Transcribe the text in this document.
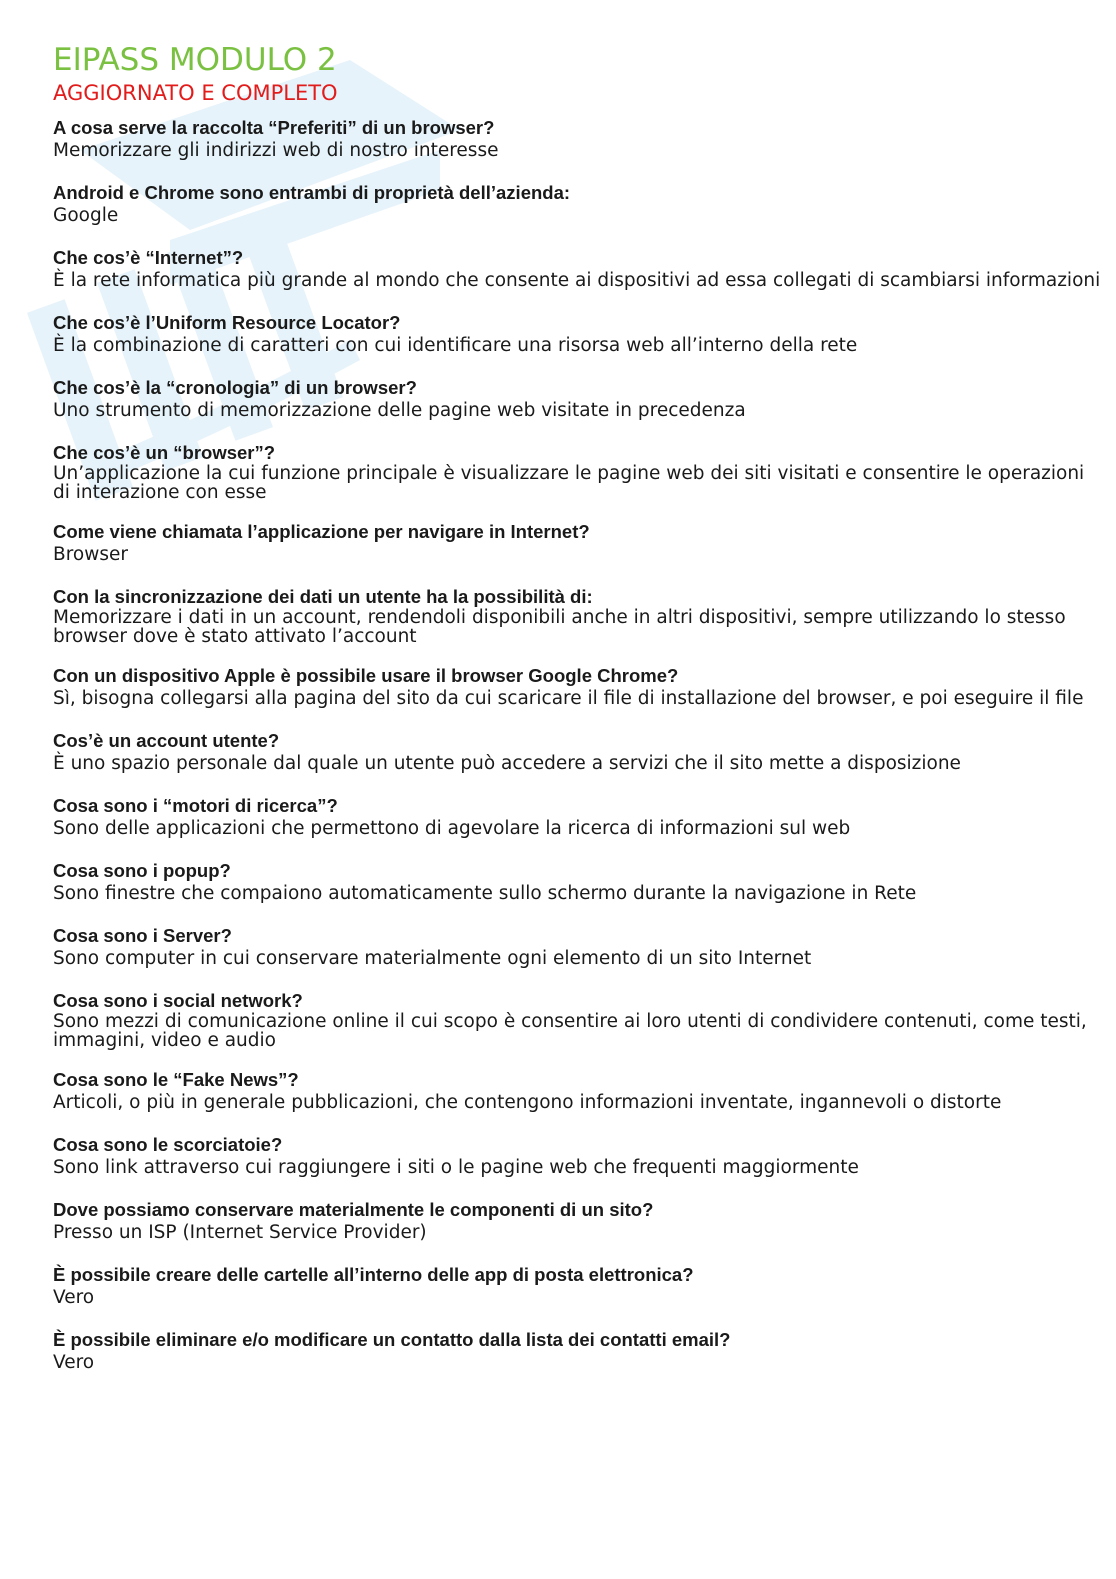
EIPASS MODULO 2
AGGIORNATO E COMPLETO

A cosa serve la raccolta “Preferiti” di un browser?

Memorizzare gli indirizzi web di nostro interesse

Android e Chrome sono entrambi di proprietà dell’azienda:

Google

Che cos’è “Internet”?

È la rete informatica più grande al mondo che consente ai dispositivi ad essa collegati di scambiarsi informazioni

Che cos’è l’Uniform Resource Locator?

È la combinazione di caratteri con cui identificare una risorsa web all’interno della rete

Che cos’è la “cronologia” di un browser?

Uno strumento di memorizzazione delle pagine web visitate in precedenza

Che cos’è un “browser”?

Un’applicazione la cui funzione principale è visualizzare le pagine web dei siti visitati e consentire le operazioni di interazione con esse

Come viene chiamata l’applicazione per navigare in Internet?

Browser

Con la sincronizzazione dei dati un utente ha la possibilità di:

Memorizzare i dati in un account, rendendoli disponibili anche in altri dispositivi, sempre utilizzando lo stesso browser dove è stato attivato l’account

Con un dispositivo Apple è possibile usare il browser Google Chrome?

Sì, bisogna collegarsi alla pagina del sito da cui scaricare il file di installazione del browser, e poi eseguire il file

Cos’è un account utente?

È uno spazio personale dal quale un utente può accedere a servizi che il sito mette a disposizione

Cosa sono i “motori di ricerca”?

Sono delle applicazioni che permettono di agevolare la ricerca di informazioni sul web

Cosa sono i popup?

Sono finestre che compaiono automaticamente sullo schermo durante la navigazione in Rete

Cosa sono i Server?

Sono computer in cui conservare materialmente ogni elemento di un sito Internet

Cosa sono i social network?

Sono mezzi di comunicazione online il cui scopo è consentire ai loro utenti di condividere contenuti, come testi, immagini, video e audio

Cosa sono le “Fake News”?

Articoli, o più in generale pubblicazioni, che contengono informazioni inventate, ingannevoli o distorte

Cosa sono le scorciatoie?

Sono link attraverso cui raggiungere i siti o le pagine web che frequenti maggiormente

Dove possiamo conservare materialmente le componenti di un sito?

Presso un ISP (Internet Service Provider)

È possibile creare delle cartelle all’interno delle app di posta elettronica?

Vero

È possibile eliminare e/o modificare un contatto dalla lista dei contatti email?

Vero
